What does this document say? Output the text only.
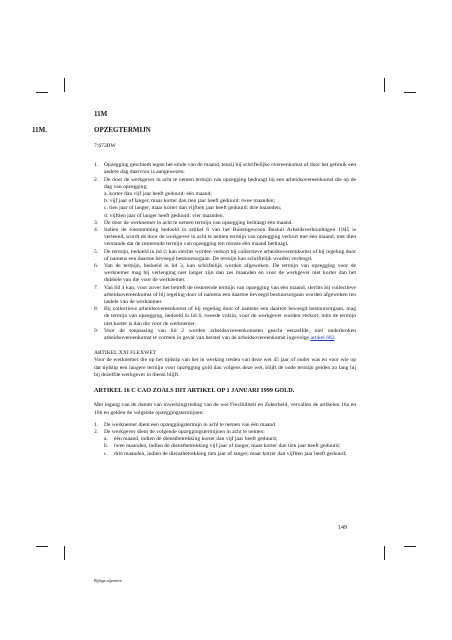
11M
11M.	OPZEGTERMIJN

7:672BW

1. Opzegging geschiedt tegen het einde van de maand, tenzij bij schriftelijke overeenkomst of door het gebruik een andere dag daarvoor is aangewezen.
2. De door de werkgever in acht te nemen termijn van opzegging bedraagt bij een arbeidsovereenkomst die op de dag van opzegging:
a. korter dan vijf jaar heeft geduurd: één maand;
b. vijf jaar of langer, maar korter dan tien jaar heeft geduurd: twee maanden;
c. tien jaar of langer, maar korter dan vijftien jaar heeft geduurd: drie maanden;
d. vijftien jaar of langer heeft geduurd: vier maanden.
3. De door de werknemer in acht te nemen termijn van opzegging bedraagt één maand.
4. Indien de toestemming bedoeld in artikel 6 van het Buitengewoon Besluit Arbeidsverhoudingen 1945 is verleend, wordt de door de werkgever in acht te nemen termijn van opzegging verkort met één maand, met dien verstande dat de resterende termijn van opzegging ten minste één maand bedraagt.
5. De termijn, bedoeld in lid 2, kan slechts worden verkort bij collectieve arbeidsovereenkomst of bij regeling door of namens een daartoe bevoegd bestuursorgaan. De termijn kan schriftelijk worden verlengd.
6. Van de termijn, bedoeld in lid 3, kan schriftelijk worden afgeweken. De termijn van opzegging voor de werknemer mag bij verlenging niet langer zijn dan zes maanden en voor de werkgever niet korter dan het dubbele van die voor de werknemer.
7. Van lid 4 kan, voor zover het betreft de resterende termijn van opzegging van één maand, slechts bij collectieve arbeidsovereenkomst of bij regeling door of namens een daartoe bevoegd bestuursorgaan worden afgeweken ten nadele van de werknemer.
8. Bij collectieve arbeidsovereenkomst of bij regeling door of namens een daartoe bevoegd bestuursorgaan, mag de termijn van opzegging, bedoeld in lid 6, tweede volzin, voor de werkgever worden verkort, mits de termijn niet korter is dan die voor de werknemer.
9. Voor de toepassing van lid 2 worden arbeidsovereenkomsten geacht eenzelfde, niet onderbroken arbeidsovereenkomst te vormen in geval van herstel van de arbeidsovereenkomst ingevolge artikel 682.

ARTIKEL XXI FLEXWET

Voor de werknemer die op het tijdstip van het in werking treden van deze wet 45 jaar of ouder was en voor wie op dat tijdstip een langere termijn voor opzegging gold dan volgens deze wet, blijft de oude termijn gelden zo lang hij bij dezelfde werkgever in dienst blijft.

ARTIKEL 16 C CAO ZOALS DIT ARTIKEL OP 1 JANUARI 1999 GOLD.

Met ingang van de datum van inwerkingtreding van de wet Flexibiliteit en Zekerheid, vervallen de artikelen 16a en 16b en gelden de volgende opzeggingstermijnen:

1. De werknemer dient een opzeggingstermijn in acht te nemen van één maand.
2. De werkgever dient de volgende opzeggingstermijnen in acht te nemen:
a. één maand, indien de dienstbetrekking korter dan vijf jaar heeft geduurd;
b. twee maanden, indien de dienstbetrekking vijf jaar of langer, maar korter dan tien jaar heeft geduurd;
c. drie maanden, indien de dienstbetrekking tien jaar of langer, maar korter dan vijftien jaar heeft geduurd;
149
Bijlage algemeen
